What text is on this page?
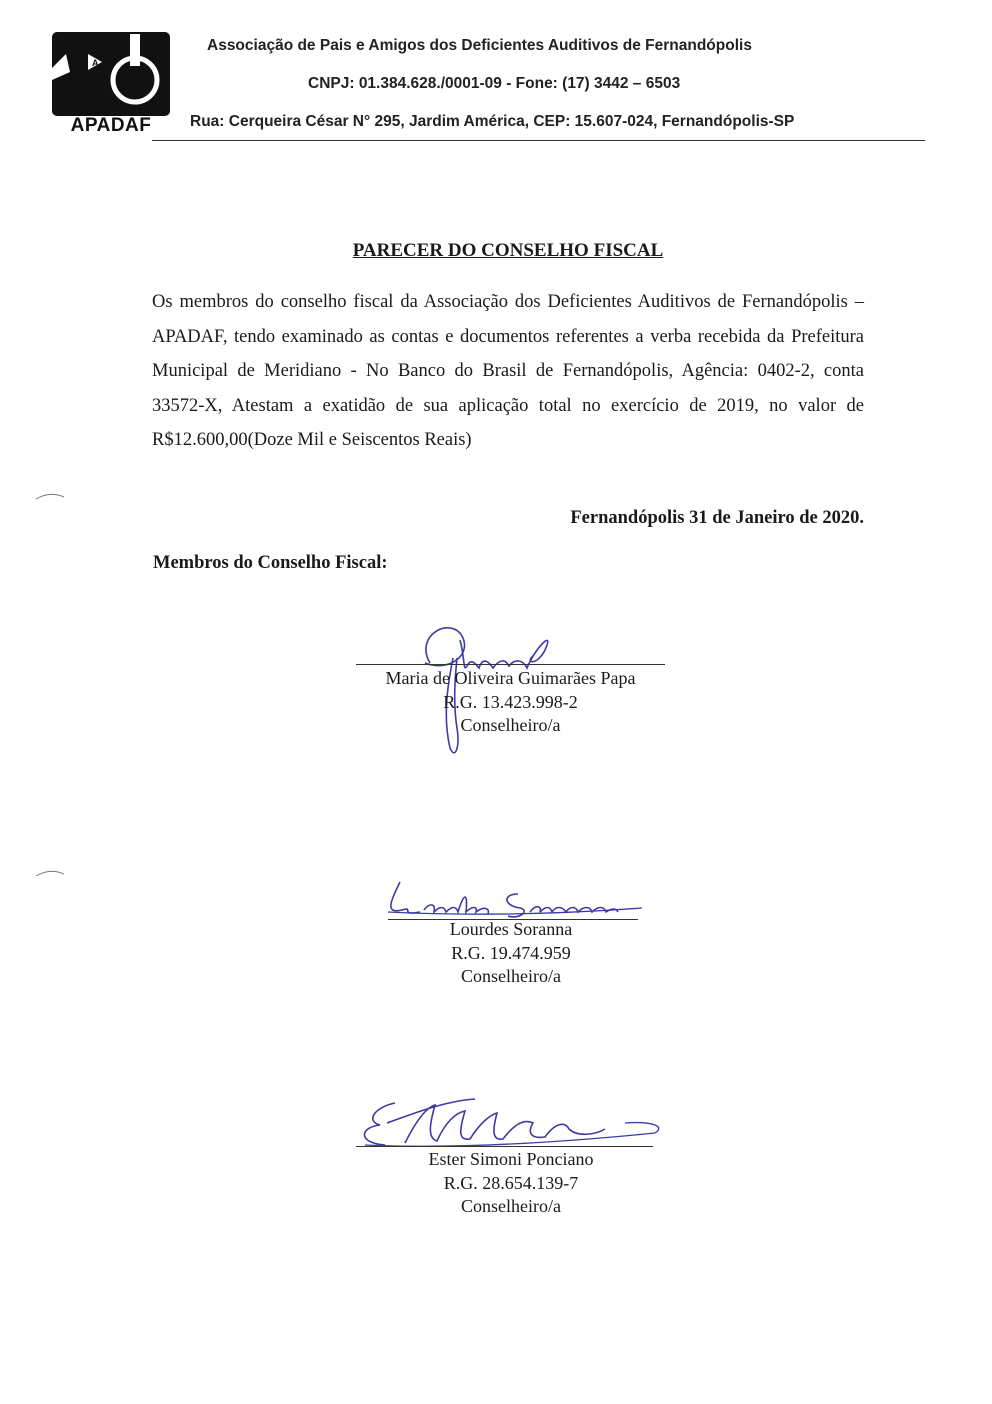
A
APADAF
Associação de Pais e Amigos dos Deficientes Auditivos de Fernandópolis
CNPJ: 01.384.628./0001-09 - Fone: (17) 3442 – 6503
Rua: Cerqueira César N° 295, Jardim América, CEP: 15.607-024, Fernandópolis-SP
PARECER DO CONSELHO FISCAL

Os membros do conselho fiscal da Associação dos Deficientes Auditivos de Fernandópolis –APADAF, tendo examinado as contas e documentos referentes a verba recebida da Prefeitura Municipal de Meridiano - No Banco do Brasil de Fernandópolis, Agência: 0402-2, conta 33572-X, Atestam a exatidão de sua aplicação total no exercício de 2019, no valor de R$12.600,00(Doze Mil e Seiscentos Reais)

Fernandópolis 31 de Janeiro de 2020.
Membros do Conselho Fiscal:
Maria de Oliveira Guimarães Papa
R.G. 13.423.998-2
Conselheiro/a
Lourdes Soranna
R.G. 19.474.959
Conselheiro/a
Ester Simoni Ponciano
R.G. 28.654.139-7
Conselheiro/a
